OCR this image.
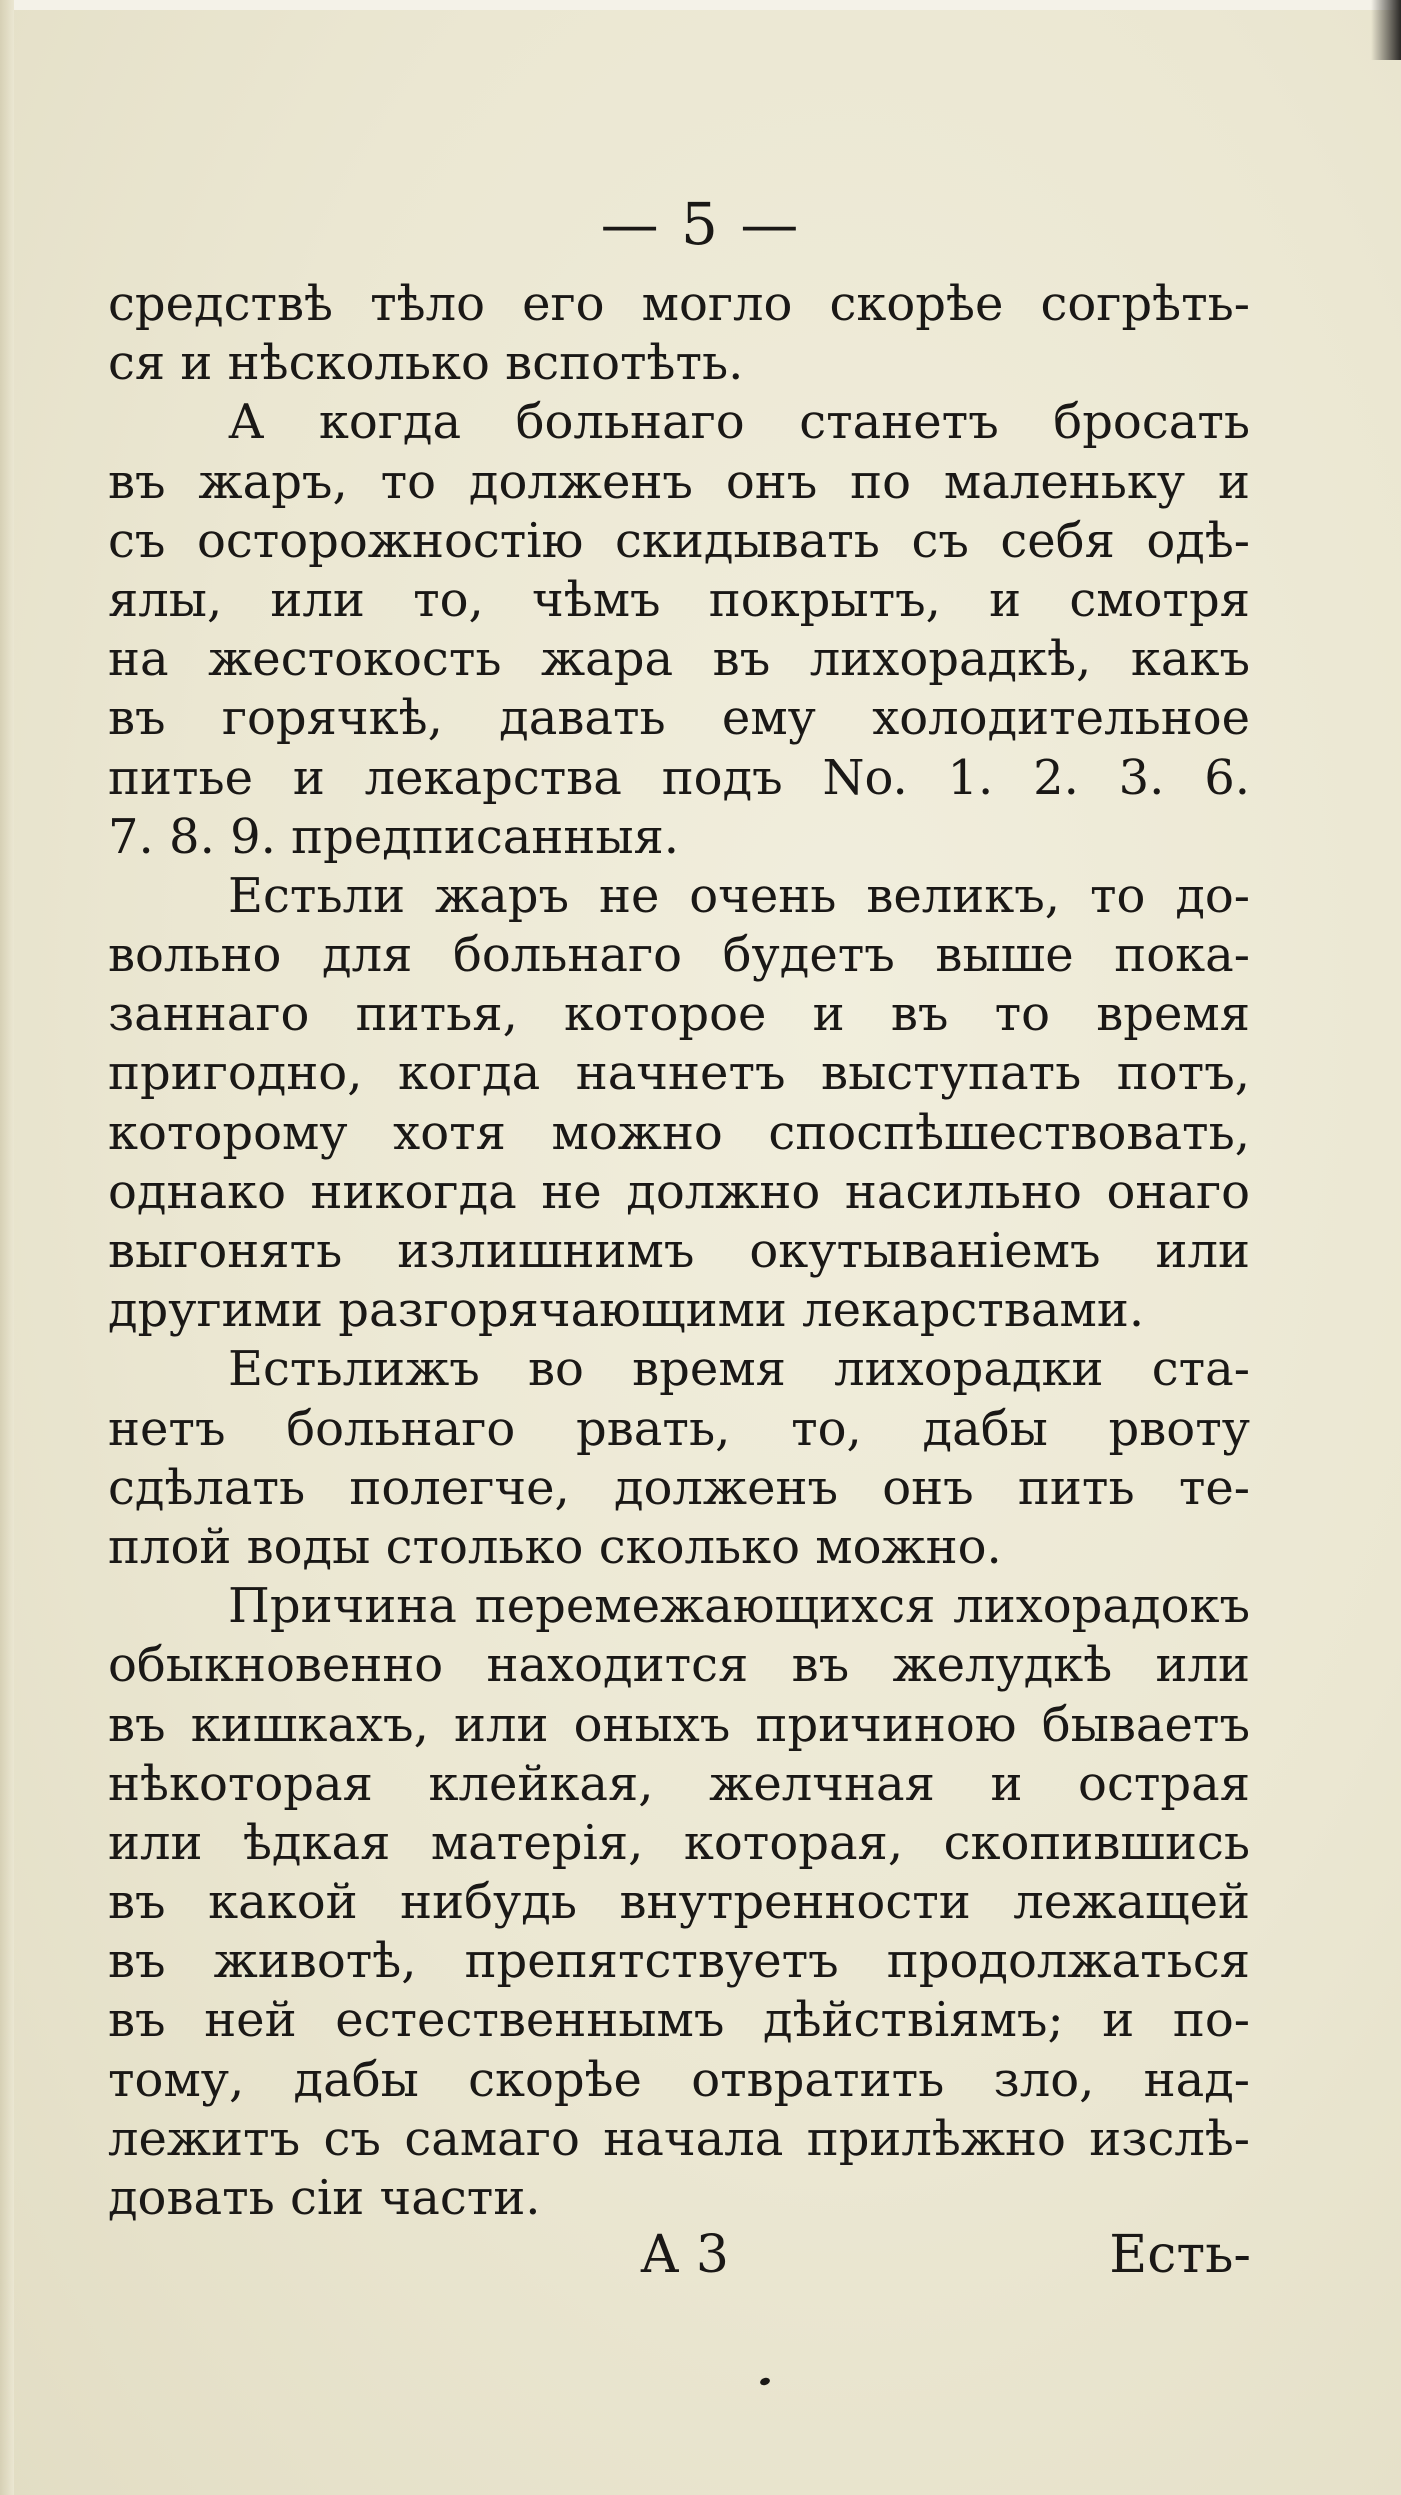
— 5 —
средствѣ тѣло его могло скорѣе согрѣть-
ся и нѣсколько вспотѣть.
А когда больнаго станетъ бросать
въ жаръ, то долженъ онъ по маленьку и
съ осторожностію скидывать съ себя одѣ-
ялы, или то, чѣмъ покрытъ, и смотря
на жестокость жара въ лихорадкѣ, какъ
въ горячкѣ, давать ему холодительное
питье и лекарства подъ No. 1. 2. 3. 6.
7. 8. 9. предписанныя.
Естьли жаръ не очень великъ, то до-
вольно для больнаго будетъ выше пока-
заннаго питья, которое и въ то время
пригодно, когда начнетъ выступать потъ,
которому хотя можно споспѣшествовать,
однако никогда не должно насильно онаго
выгонять излишнимъ окутываніемъ или
другими разгорячающими лекарствами.
Естьлижъ во время лихорадки ста-
нетъ больнаго рвать, то, дабы рвоту
сдѣлать полегче, долженъ онъ пить те-
плой воды столько сколько можно.
Причина перемежающихся лихорадокъ
обыкновенно находится въ желудкѣ или
въ кишкахъ, или оныхъ причиною бываетъ
нѣкоторая клейкая, желчная и острая
или ѣдкая матерія, которая, скопившись
въ какой нибудь внутренности лежащей
въ животѣ, препятствуетъ продолжаться
въ ней естественнымъ дѣйствіямъ; и по-
тому, дабы скорѣе отвратить зло, над-
лежитъ съ самаго начала прилѣжно изслѣ-
довать сіи части.
А 3	Есть-
